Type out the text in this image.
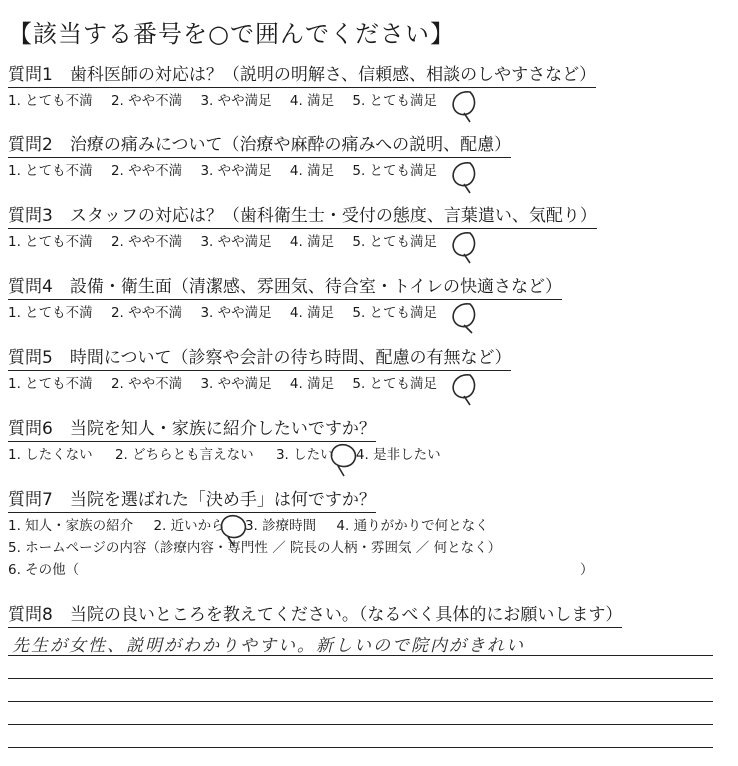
【該当する番号を○で囲んでください】
質問1　歯科医師の対応は？（説明の明解さ、信頼感、相談のしやすさなど）
1. とても不満 2. やや不満 3. やや満足 4. 満足 5. とても満足
質問2　治療の痛みについて（治療や麻酔の痛みへの説明、配慮）
1. とても不満 2. やや不満 3. やや満足 4. 満足 5. とても満足
質問3　スタッフの対応は？（歯科衛生士・受付の態度、言葉遣い、気配り）
1. とても不満 2. やや不満 3. やや満足 4. 満足 5. とても満足
質問4　設備・衛生面（清潔感、雰囲気、待合室・トイレの快適さなど）
1. とても不満 2. やや不満 3. やや満足 4. 満足 5. とても満足
質問5　時間について（診察や会計の待ち時間、配慮の有無など）
1. とても不満 2. やや不満 3. やや満足 4. 満足 5. とても満足
質問6　当院を知人・家族に紹介したいですか？
1. したくない 2. どちらとも言えない 3. したい 4. 是非したい
質問7　当院を選ばれた「決め手」は何ですか？
1. 知人・家族の紹介 2. 近いから 3. 診療時間 4. 通りがかりで何となく
5. ホームページの内容（診療内容・専門性 ／ 院長の人柄・雰囲気 ／ 何となく）
6. その他（	）
質問8　当院の良いところを教えてください。（なるべく具体的にお願いします）
先生が女性、説明がわかりやすい。新しいので院内がきれい
